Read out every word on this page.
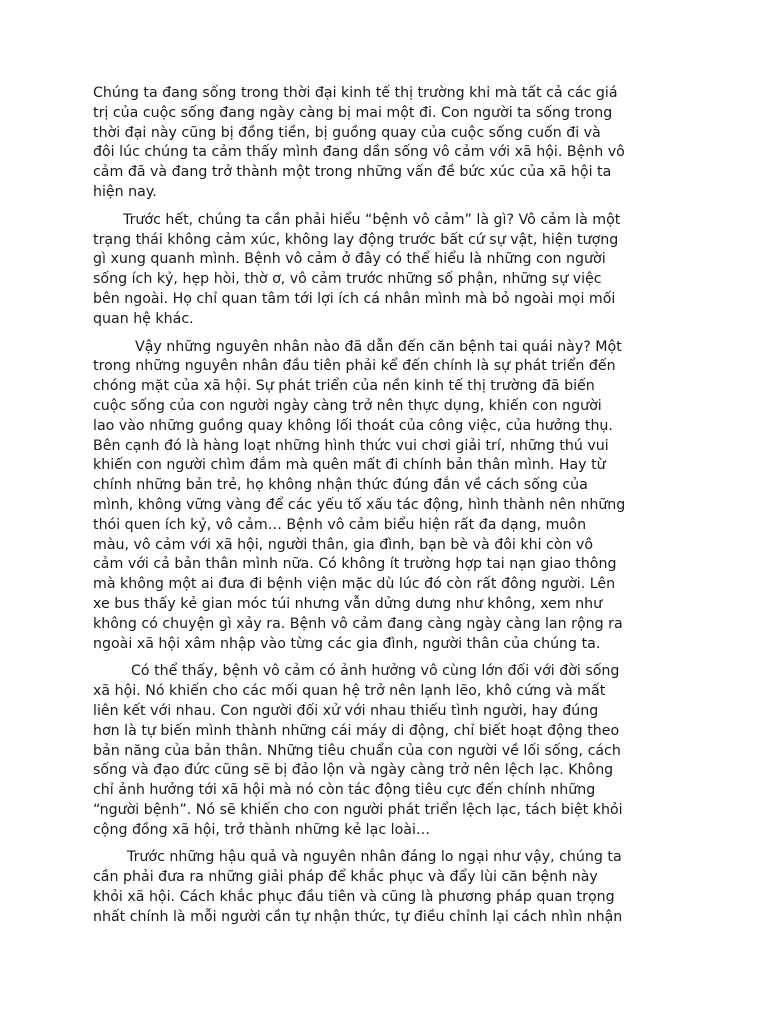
Chúng ta đang sống trong thời đại kinh tế thị trường khi mà tất cả các giá
trị của cuộc sống đang ngày càng bị mai một đi. Con người ta sống trong
thời đại này cũng bị đồng tiền, bị guồng quay của cuộc sống cuốn đi và
đôi lúc chúng ta cảm thấy mình đang dần sống vô cảm với xã hội. Bệnh vô
cảm đã và đang trở thành một trong những vấn đề bức xúc của xã hội ta
hiện nay.

Trước hết, chúng ta cần phải hiểu “bệnh vô cảm” là gì? Vô cảm là một
trạng thái không cảm xúc, không lay động trước bất cứ sự vật, hiện tượng
gì xung quanh mình. Bệnh vô cảm ở đây có thể hiểu là những con người
sống ích kỷ, hẹp hòi, thờ ơ, vô cảm trước những số phận, những sự việc
bên ngoài. Họ chỉ quan tâm tới lợi ích cá nhân mình mà bỏ ngoài mọi mối
quan hệ khác.

Vậy những nguyên nhân nào đã dẫn đến căn bệnh tai quái này? Một
trong những nguyên nhân đầu tiên phải kể đến chính là sự phát triển đến
chóng mặt của xã hội. Sự phát triển của nền kinh tế thị trường đã biến
cuộc sống của con người ngày càng trở nên thực dụng, khiến con người
lao vào những guồng quay không lối thoát của công việc, của hưởng thụ.
Bên cạnh đó là hàng loạt những hình thức vui chơi giải trí, những thú vui
khiến con người chìm đắm mà quên mất đi chính bản thân mình. Hay từ
chính những bản trẻ, họ không nhận thức đúng đắn về cách sống của
mình, không vững vàng để các yếu tố xấu tác động, hình thành nên những
thói quen ích kỷ, vô cảm… Bệnh vô cảm biểu hiện rất đa dạng, muôn
màu, vô cảm với xã hội, người thân, gia đình, bạn bè và đôi khi còn vô
cảm với cả bản thân mình nữa. Có không ít trường hợp tai nạn giao thông
mà không một ai đưa đi bệnh viện mặc dù lúc đó còn rất đông người. Lên
xe bus thấy kẻ gian móc túi nhưng vẫn dửng dưng như không, xem như
không có chuyện gì xảy ra. Bệnh vô cảm đang càng ngày càng lan rộng ra
ngoài xã hội xâm nhập vào từng các gia đình, người thân của chúng ta.

Có thể thấy, bệnh vô cảm có ảnh hưởng vô cùng lớn đối với đời sống
xã hội. Nó khiến cho các mối quan hệ trở nên lạnh lẽo, khô cứng và mất
liên kết với nhau. Con người đối xử với nhau thiếu tình người, hay đúng
hơn là tự biến mình thành những cái máy di động, chỉ biết hoạt động theo
bản năng của bản thân. Những tiêu chuẩn của con người về lối sống, cách
sống và đạo đức cũng sẽ bị đảo lộn và ngày càng trở nên lệch lạc. Không
chỉ ảnh hưởng tới xã hội mà nó còn tác động tiêu cực đến chính những
“người bệnh”. Nó sẽ khiến cho con người phát triển lệch lạc, tách biệt khỏi
cộng đồng xã hội, trở thành những kẻ lạc loài…

Trước những hậu quả và nguyên nhân đáng lo ngại như vậy, chúng ta
cần phải đưa ra những giải pháp để khắc phục và đẩy lùi căn bệnh này
khỏi xã hội. Cách khắc phục đầu tiên và cũng là phương pháp quan trọng
nhất chính là mỗi người cần tự nhận thức, tự điều chỉnh lại cách nhìn nhận
